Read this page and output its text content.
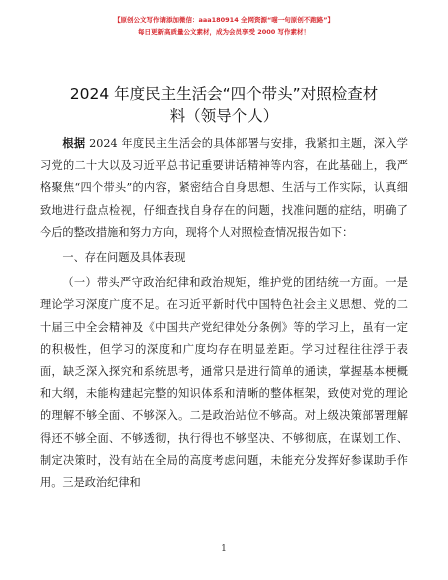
【原创公文写作请添加微信：aaa180914 全网资源“喵一句原创不跑路”】
每日更新高质量公文素材，成为会员享受 2000 写作素材！
2024 年度民主生活会“四个带头”对照检查材
料（领导个人）

根据 2024 年度民主生活会的具体部署与安排，我紧扣主题，深入学习党的二十大以及习近平总书记重要讲话精神等内容，在此基础上，我严格聚焦“四个带头”的内容，紧密结合自身思想、生活与工作实际，认真细致地进行盘点检视，仔细查找自身存在的问题，找准问题的症结，明确了今后的整改措施和努力方向，现将个人对照检查情况报告如下：

一、存在问题及具体表现

（一）带头严守政治纪律和政治规矩，维护党的团结统一方面。一是理论学习深度广度不足。在习近平新时代中国特色社会主义思想、党的二十届三中全会精神及《中国共产党纪律处分条例》等的学习上，虽有一定的积极性，但学习的深度和广度均存在明显差距。学习过程往往浮于表面，缺乏深入探究和系统思考，通常只是进行简单的通读，掌握基本梗概和大纲，未能构建起完整的知识体系和清晰的整体框架，致使对党的理论的理解不够全面、不够深入。二是政治站位不够高。对上级决策部署理解得还不够全面、不够透彻，执行得也不够坚决、不够彻底，在谋划工作、制定决策时，没有站在全局的高度考虑问题，未能充分发挥好参谋助手作用。三是政治纪律和

1
